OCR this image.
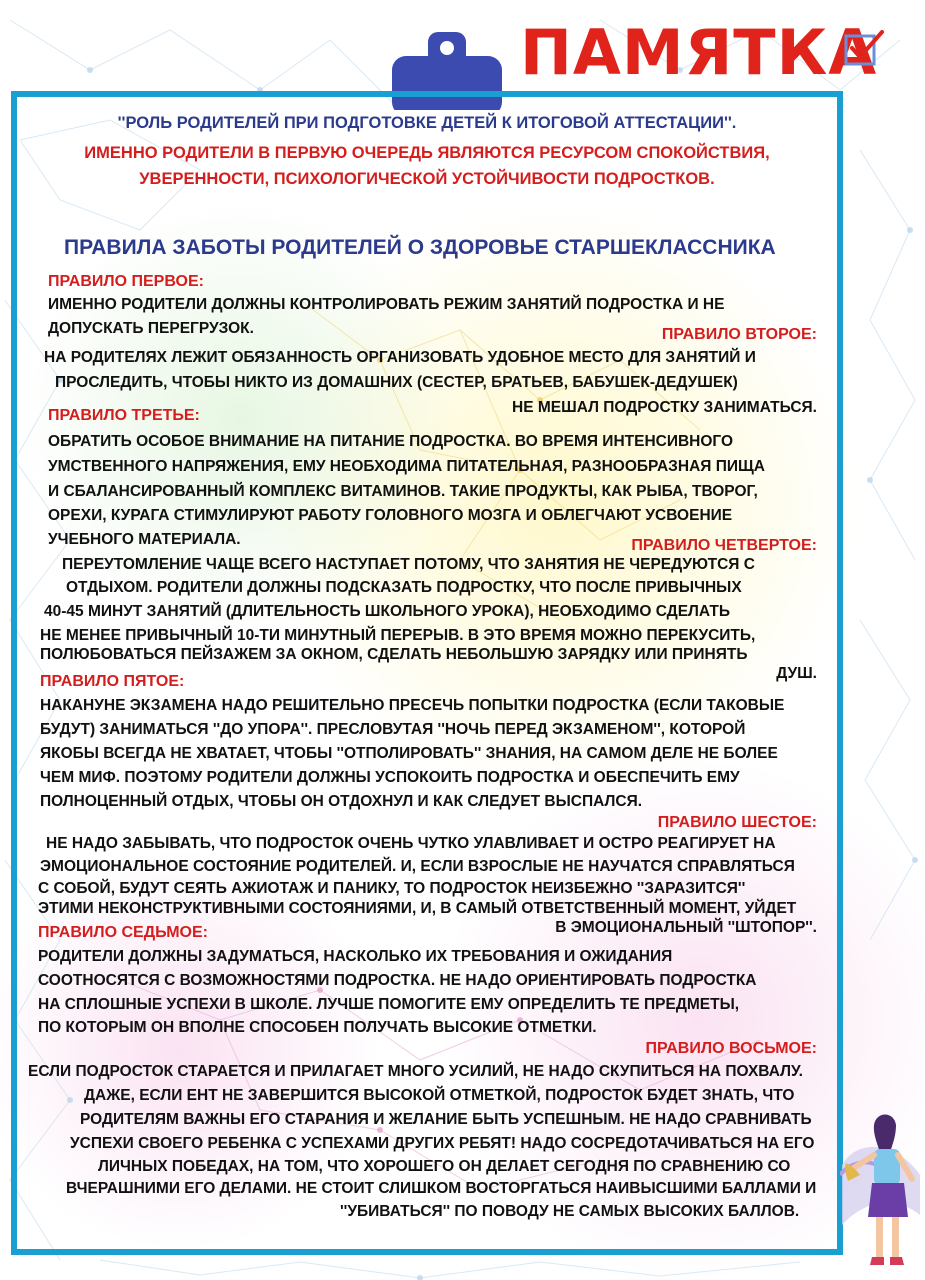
ПАМЯТКА

''РОЛЬ РОДИТЕЛЕЙ ПРИ ПОДГОТОВКЕ ДЕТЕЙ К ИТОГОВОЙ АТТЕСТАЦИИ''.

ИМЕННО РОДИТЕЛИ В ПЕРВУЮ ОЧЕРЕДЬ ЯВЛЯЮТСЯ РЕСУРСОМ СПОКОЙСТВИЯ,

УВЕРЕННОСТИ, ПСИХОЛОГИЧЕСКОЙ УСТОЙЧИВОСТИ ПОДРОСТКОВ.

ПРАВИЛА ЗАБОТЫ РОДИТЕЛЕЙ О ЗДОРОВЬЕ СТАРШЕКЛАССНИКА

ПРАВИЛО ПЕРВОЕ:

ИМЕННО РОДИТЕЛИ ДОЛЖНЫ КОНТРОЛИРОВАТЬ РЕЖИМ ЗАНЯТИЙ ПОДРОСТКА И НЕ

ДОПУСКАТЬ ПЕРЕГРУЗОК.	ПРАВИЛО ВТОРОЕ:

НА РОДИТЕЛЯХ ЛЕЖИТ ОБЯЗАННОСТЬ ОРГАНИЗОВАТЬ УДОБНОЕ МЕСТО ДЛЯ ЗАНЯТИЙ И

ПРОСЛЕДИТЬ, ЧТОБЫ НИКТО ИЗ ДОМАШНИХ (СЕСТЕР, БРАТЬЕВ, БАБУШЕК-ДЕДУШЕК)

НЕ МЕШАЛ ПОДРОСТКУ ЗАНИМАТЬСЯ.

ПРАВИЛО ТРЕТЬЕ:

ОБРАТИТЬ ОСОБОЕ ВНИМАНИЕ НА ПИТАНИЕ ПОДРОСТКА. ВО ВРЕМЯ ИНТЕНСИВНОГО

УМСТВЕННОГО НАПРЯЖЕНИЯ, ЕМУ НЕОБХОДИМА ПИТАТЕЛЬНАЯ, РАЗНООБРАЗНАЯ ПИЩА

И СБАЛАНСИРОВАННЫЙ КОМПЛЕКС ВИТАМИНОВ. ТАКИЕ ПРОДУКТЫ, КАК РЫБА, ТВОРОГ,

ОРЕХИ, КУРАГА СТИМУЛИРУЮТ РАБОТУ ГОЛОВНОГО МОЗГА И ОБЛЕГЧАЮТ УСВОЕНИЕ

УЧЕБНОГО МАТЕРИАЛА.	ПРАВИЛО ЧЕТВЕРТОЕ:

ПЕРЕУТОМЛЕНИЕ ЧАЩЕ ВСЕГО НАСТУПАЕТ ПОТОМУ, ЧТО ЗАНЯТИЯ НЕ ЧЕРЕДУЮТСЯ С

ОТДЫХОМ. РОДИТЕЛИ ДОЛЖНЫ ПОДСКАЗАТЬ ПОДРОСТКУ, ЧТО ПОСЛЕ ПРИВЫЧНЫХ

40-45 МИНУТ ЗАНЯТИЙ (ДЛИТЕЛЬНОСТЬ ШКОЛЬНОГО УРОКА), НЕОБХОДИМО СДЕЛАТЬ

НЕ МЕНЕЕ ПРИВЫЧНЫЙ 10-ТИ МИНУТНЫЙ ПЕРЕРЫВ. В ЭТО ВРЕМЯ МОЖНО ПЕРЕКУСИТЬ,

ПОЛЮБОВАТЬСЯ ПЕЙЗАЖЕМ ЗА ОКНОМ, СДЕЛАТЬ НЕБОЛЬШУЮ ЗАРЯДКУ ИЛИ ПРИНЯТЬ

ДУШ.

ПРАВИЛО ПЯТОЕ:

НАКАНУНЕ ЭКЗАМЕНА НАДО РЕШИТЕЛЬНО ПРЕСЕЧЬ ПОПЫТКИ ПОДРОСТКА (ЕСЛИ ТАКОВЫЕ

БУДУТ) ЗАНИМАТЬСЯ ''ДО УПОРА''. ПРЕСЛОВУТАЯ ''НОЧЬ ПЕРЕД ЭКЗАМЕНОМ'', КОТОРОЙ

ЯКОБЫ ВСЕГДА НЕ ХВАТАЕТ, ЧТОБЫ ''ОТПОЛИРОВАТЬ'' ЗНАНИЯ, НА САМОМ ДЕЛЕ НЕ БОЛЕЕ

ЧЕМ МИФ. ПОЭТОМУ РОДИТЕЛИ ДОЛЖНЫ УСПОКОИТЬ ПОДРОСТКА И ОБЕСПЕЧИТЬ ЕМУ

ПОЛНОЦЕННЫЙ ОТДЫХ, ЧТОБЫ ОН ОТДОХНУЛ И КАК СЛЕДУЕТ ВЫСПАЛСЯ.

ПРАВИЛО ШЕСТОЕ:

НЕ НАДО ЗАБЫВАТЬ, ЧТО ПОДРОСТОК ОЧЕНЬ ЧУТКО УЛАВЛИВАЕТ И ОСТРО РЕАГИРУЕТ НА

ЭМОЦИОНАЛЬНОЕ СОСТОЯНИЕ РОДИТЕЛЕЙ. И, ЕСЛИ ВЗРОСЛЫЕ НЕ НАУЧАТСЯ СПРАВЛЯТЬСЯ

С СОБОЙ, БУДУТ СЕЯТЬ АЖИОТАЖ И ПАНИКУ, ТО ПОДРОСТОК НЕИЗБЕЖНО ''ЗАРАЗИТСЯ''

ЭТИМИ НЕКОНСТРУКТИВНЫМИ СОСТОЯНИЯМИ, И, В САМЫЙ ОТВЕТСТВЕННЫЙ МОМЕНТ, УЙДЕТ

В ЭМОЦИОНАЛЬНЫЙ ''ШТОПОР''.

ПРАВИЛО СЕДЬМОЕ:

РОДИТЕЛИ ДОЛЖНЫ ЗАДУМАТЬСЯ, НАСКОЛЬКО ИХ ТРЕБОВАНИЯ И ОЖИДАНИЯ

СООТНОСЯТСЯ С ВОЗМОЖНОСТЯМИ ПОДРОСТКА. НЕ НАДО ОРИЕНТИРОВАТЬ ПОДРОСТКА

НА СПЛОШНЫЕ УСПЕХИ В ШКОЛЕ. ЛУЧШЕ ПОМОГИТЕ ЕМУ ОПРЕДЕЛИТЬ ТЕ ПРЕДМЕТЫ,

ПО КОТОРЫМ ОН ВПОЛНЕ СПОСОБЕН ПОЛУЧАТЬ ВЫСОКИЕ ОТМЕТКИ.

ПРАВИЛО ВОСЬМОЕ:

ЕСЛИ ПОДРОСТОК СТАРАЕТСЯ И ПРИЛАГАЕТ МНОГО УСИЛИЙ, НЕ НАДО СКУПИТЬСЯ НА ПОХВАЛУ.

ДАЖЕ, ЕСЛИ ЕНТ НЕ ЗАВЕРШИТСЯ ВЫСОКОЙ ОТМЕТКОЙ, ПОДРОСТОК БУДЕТ ЗНАТЬ, ЧТО

РОДИТЕЛЯМ ВАЖНЫ ЕГО СТАРАНИЯ И ЖЕЛАНИЕ БЫТЬ УСПЕШНЫМ. НЕ НАДО СРАВНИВАТЬ

УСПЕХИ СВОЕГО РЕБЕНКА С УСПЕХАМИ ДРУГИХ РЕБЯТ! НАДО СОСРЕДОТАЧИВАТЬСЯ НА ЕГО

ЛИЧНЫХ ПОБЕДАХ, НА ТОМ, ЧТО ХОРОШЕГО ОН ДЕЛАЕТ СЕГОДНЯ ПО СРАВНЕНИЮ СО

ВЧЕРАШНИМИ ЕГО ДЕЛАМИ. НЕ СТОИТ СЛИШКОМ ВОСТОРГАТЬСЯ НАИВЫСШИМИ БАЛЛАМИ И

''УБИВАТЬСЯ'' ПО ПОВОДУ НЕ САМЫХ ВЫСОКИХ БАЛЛОВ.
